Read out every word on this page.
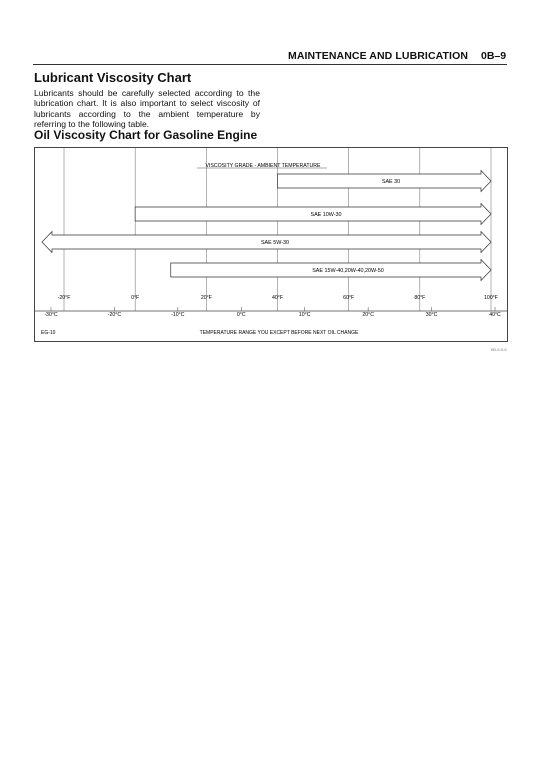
MAINTENANCE AND LUBRICATION 0B–9
Lubricant Viscosity Chart

Lubricants should be carefully selected according to the lubrication chart. It is also important to select viscosity of lubricants according to the ambient temperature by referring to the following table.

Oil Viscosity Chart for Gasoline Engine
VISCOSITY GRADE - AMBIENT TEMPERATURE
SAE 30
SAE 10W-30
SAE 5W-30
SAE 15W-40,20W-40,20W-50
-20°F	0°F	20°F	40°F	60°F	80°F	100°F
-30°C	-20°C	-10°C	0°C	10°C	20°C	30°C	40°C
EG-10	TEMPERATURE RANGE YOU EXCEPT BEFORE NEXT OIL CHANGE
0B-9-9-5
